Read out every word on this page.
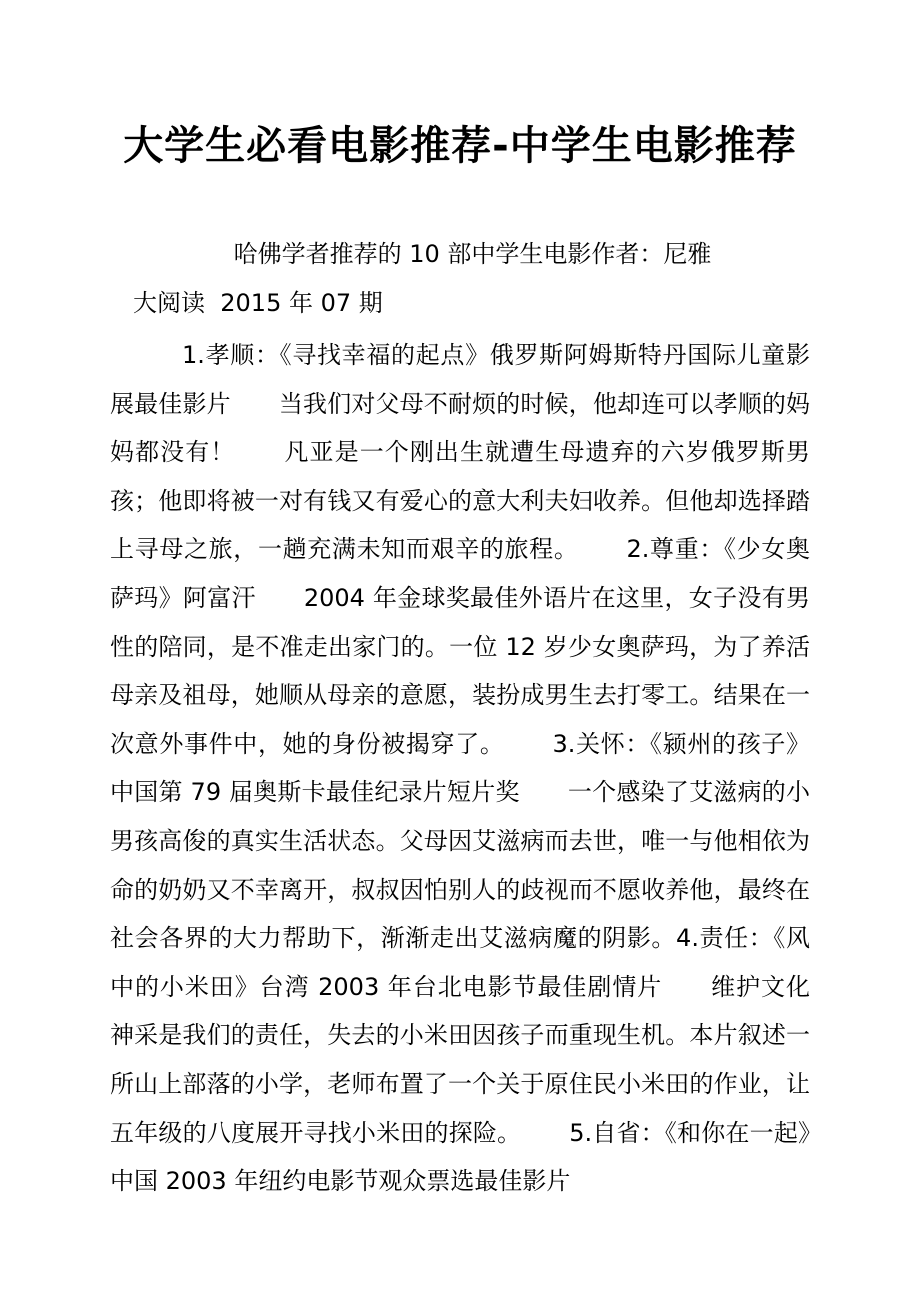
大学生必看电影推荐-中学生电影推荐
哈佛学者推荐的 10 部中学生电影作者：尼雅
大阅读  2015 年 07 期
1.孝顺：《寻找幸福的起点》俄罗斯阿姆斯特丹国际儿童影展最佳影片 当我们对父母不耐烦的时候，他却连可以孝顺的妈妈都没有！ 凡亚是一个刚出生就遭生母遗弃的六岁俄罗斯男孩；他即将被一对有钱又有爱心的意大利夫妇收养。但他却选择踏上寻母之旅，一趟充满未知而艰辛的旅程。 2.尊重：《少女奥萨玛》阿富汗 2004 年金球奖最佳外语片在这里，女子没有男性的陪同，是不准走出家门的。一位 12 岁少女奥萨玛，为了养活母亲及祖母，她顺从母亲的意愿，装扮成男生去打零工。结果在一次意外事件中，她的身份被揭穿了。 3.关怀：《颍州的孩子》中国第 79 届奥斯卡最佳纪录片短片奖 一个感染了艾滋病的小男孩高俊的真实生活状态。父母因艾滋病而去世，唯一与他相依为命的奶奶又不幸离开，叔叔因怕别人的歧视而不愿收养他，最终在社会各界的大力帮助下，渐渐走出艾滋病魔的阴影。4.责任：《风中的小米田》台湾 2003 年台北电影节最佳剧情片 维护文化神采是我们的责任，失去的小米田因孩子而重现生机。本片叙述一所山上部落的小学，老师布置了一个关于原住民小米田的作业，让五年级的八度展开寻找小米田的探险。 5.自省：《和你在一起》中国 2003 年纽约电影节观众票选最佳影片
